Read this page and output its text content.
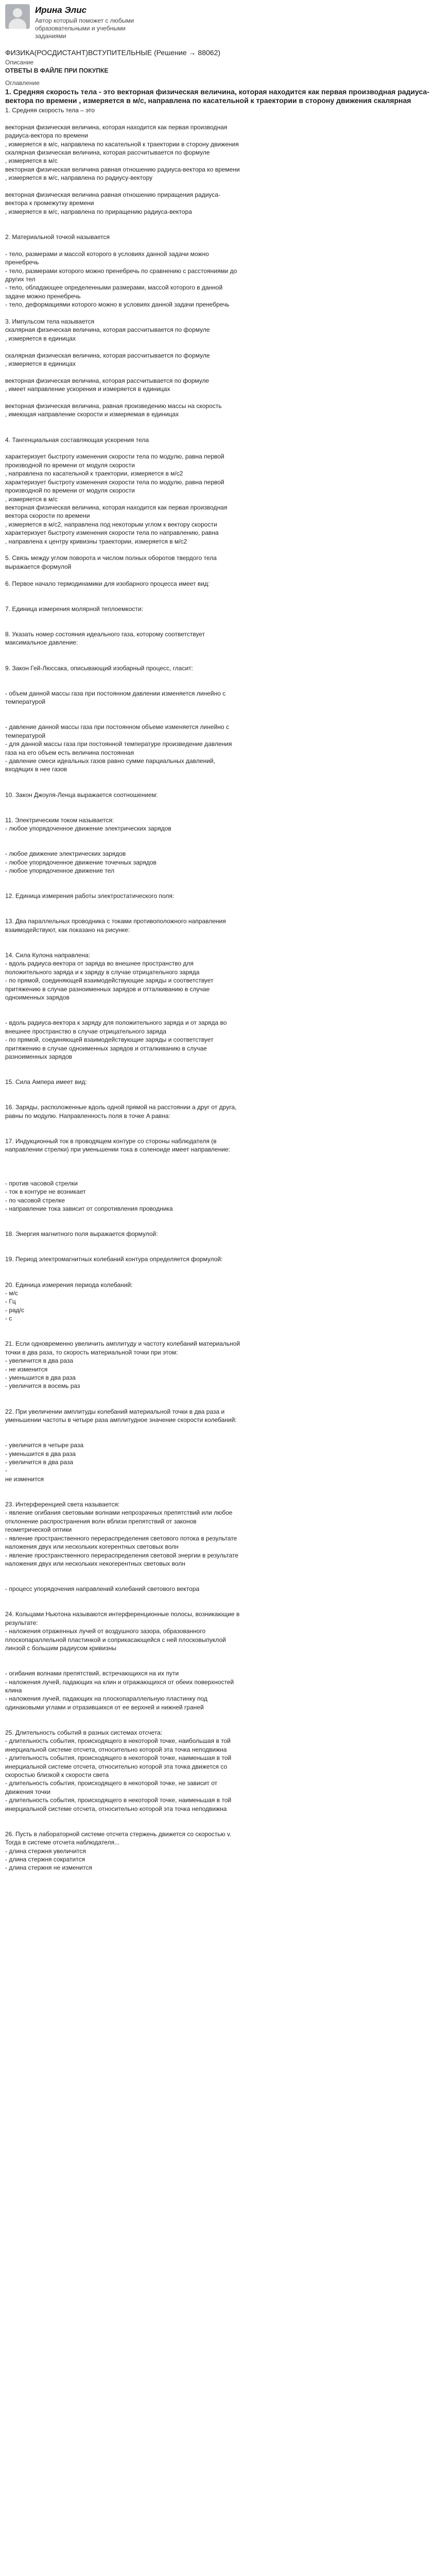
Ирина Элис
Автор который поможет с любыми образовательными и учебными заданиями
ФИЗИКА(РОСДИСТАНТ)ВСТУПИТЕЛЬНЫЕ (Решение → 88062)
Описание
ОТВЕТЫ В ФАЙЛЕ ПРИ ПОКУПКЕ
Оглавление
1. Средняя скорость тела - это векторная физическая величина, которая находится как первая производная радиуса-вектора по времени , измеряется в м/с, направлена по касательной к траектории в сторону движения скалярная
1. Средняя скорость тела – это
векторная физическая величина, которая находится как первая производная
радиуса-вектора по времени
, измеряется в м/с, направлена по касательной к траектории в сторону движения
скалярная физическая величина, которая рассчитывается по формуле
, измеряется в м/с
векторная физическая величина равная отношению радиуса-вектора ко времени
, измеряется в м/с, направлена по радиусу-вектору
векторная физическая величина равная отношению приращения радиуса-
вектора к промежутку времени
, измеряется в м/с, направлена по приращению радиуса-вектора
2. Материальной точкой называется
- тело, размерами и массой которого в условиях данной задачи можно
пренебречь
- тело, размерами которого можно пренебречь по сравнению с расстояниями до
других тел
- тело, обладающее определенными размерами, массой которого в данной
задаче можно пренебречь
- тело, деформациями которого можно в условиях данной задачи пренебречь
3. Импульсом тела называется
скалярная физическая величина, которая рассчитывается по формуле
, измеряется в единицах
скалярная физическая величина, которая рассчитывается по формуле
, измеряется в единицах
векторная физическая величина, которая рассчитывается по формуле
, имеет направление ускорения и измеряется в единицах
векторная физическая величина, равная произведению массы на скорость
, имеющая направление скорости и измеряемая в единицах
4. Тангенциальная составляющая ускорения тела
характеризует быстроту изменения скорости тела по модулю, равна первой
производной по времени от модуля скорости
, направлена по касательной к траектории, измеряется в м/с2
характеризует быстроту изменения скорости тела по модулю, равна первой
производной по времени от модуля скорости
, измеряется в м/с
векторная физическая величина, которая находится как первая производная
вектора скорости по времени
, измеряется в м/с2, направлена под некоторым углом к вектору скорости
характеризует быстроту изменения скорости тела по направлению, равна
, направлена к центру кривизны траектории, измеряется в м/с2
5. Связь между углом поворота и числом полных оборотов твердого тела
выражается формулой
6. Первое начало термодинамики для изобарного процесса имеет вид:
7. Единица измерения молярной теплоемкости:
8. Указать номер состояния идеального газа, которому соответствует
максимальное давление:
9. Закон Гей-Люссака, описывающий изобарный процесс, гласит:
- объем данной массы газа при постоянном давлении изменяется линейно с
температурой
- давление данной массы газа при постоянном объеме изменяется линейно с
температурой
- для данной массы газа при постоянной температуре произведение давления
газа на его объем есть величина постоянная
- давление смеси идеальных газов равно сумме парциальных давлений,
входящих в нее газов
10. Закон Джоуля-Ленца выражается соотношением:
11. Электрическим током называется:
- любое упорядоченное движение электрических зарядов
- любое движение электрических зарядов
- любое упорядоченное движение точечных зарядов
- любое упорядоченное движение тел
12. Единица измерения работы электростатического поля:
13. Два параллельных проводника с токами противоположного направления
взаимодействуют, как показано на рисунке:
14. Сила Кулона направлена:
- вдоль радиуса-вектора от заряда во внешнее пространство для
положительного заряда и к заряду в случае отрицательного заряда
- по прямой, соединяющей взаимодействующие заряды и соответствует
притяжению в случае разноименных зарядов и отталкиванию в случае
одноименных зарядов
- вдоль радиуса-вектора к заряду для положительного заряда и от заряда во
внешнее пространство в случае отрицательного заряда
- по прямой, соединяющей взаимодействующие заряды и соответствует
притяжению в случае одноименных зарядов и отталкиванию в случае
разноименных зарядов
15. Сила Ампера имеет вид:
16. Заряды, расположенные вдоль одной прямой на расстоянии a друг от друга,
равны по модулю. Направленность поля в точке A равна:
17. Индукционный ток в проводящем контуре со стороны наблюдателя (в
направлении стрелки) при уменьшении тока в соленоиде имеет направление:
- против часовой стрелки
- ток в контуре не возникает
- по часовой стрелке
- направление тока зависит от сопротивления проводника
18. Энергия магнитного поля выражается формулой:
19. Период электромагнитных колебаний контура определяется формулой:
20. Единица измерения периода колебаний:
- м/с
- Гц
- рад/с
- с
21. Если одновременно увеличить амплитуду и частоту колебаний материальной
точки в два раза, то скорость материальной точки при этом:
- увеличится в два раза
- не изменится
- уменьшится в два раза
- увеличится в восемь раз
22. При увеличении амплитуды колебаний материальной точки в два раза и
уменьшении частоты в четыре раза амплитудное значение скорости колебаний:
- увеличится в четыре раза
- уменьшится в два раза
- увеличится в два раза
-
не изменится
23. Интерференцией света называется:
- явление огибания световыми волнами непрозрачных препятствий или любое
отклонение распространения волн вблизи препятствий от законов
геометрической оптики
- явление пространственного перераспределения светового потока в результате
наложения двух или нескольких когерентных световых волн
- явление пространственного перераспределения световой энергии в результате
наложения двух или нескольких некогерентных световых волн
- процесс упорядочения направлений колебаний светового вектора
24. Кольцами Ньютона называются интерференционные полосы, возникающие в
результате:
- наложения отраженных лучей от воздушного зазора, образованного
плоскопараллельной пластинкой и соприкасающейся с ней плосковыпуклой
линзой с большим радиусом кривизны
- огибания волнами препятствий, встречающихся на их пути
- наложения лучей, падающих на клин и отражающихся от обеих поверхностей
клина
- наложения лучей, падающих на плоскопараллельную пластинку под
одинаковыми углами и отразившихся от ее верхней и нижней граней
25. Длительность событий в разных системах отсчета:
- длительность события, происходящего в некоторой точке, наибольшая в той
инерциальной системе отсчета, относительно которой эта точка неподвижна
- длительность события, происходящего в некоторой точке, наименьшая в той
инерциальной системе отсчета, относительно которой эта точка движется со
скоростью близкой к скорости света
- длительность события, происходящего в некоторой точке, не зависит от
движения точки
- длительность события, происходящего в некоторой точке, наименьшая в той
инерциальной системе отсчета, относительно которой эта точка неподвижна
26. Пусть в лабораторной системе отсчета стержень движется со скоростью v.
Тогда в системе отсчета наблюдателя...
- длина стержня увеличится
- длина стержня сократится
- длина стержня не изменится
